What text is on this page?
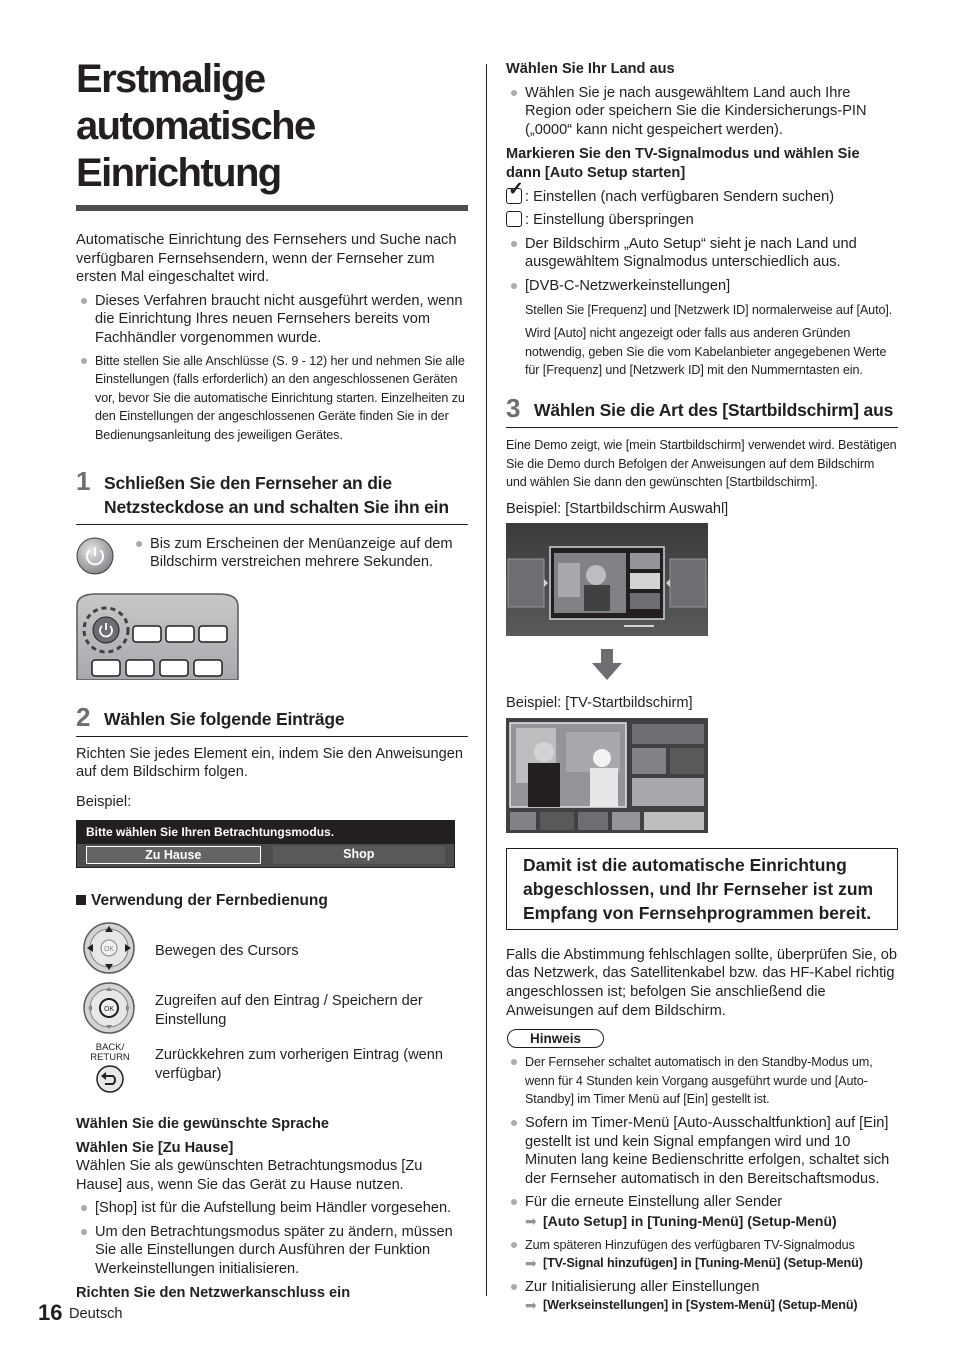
Erstmalige automatische
Einrichtung

Automatische Einrichtung des Fernsehers und Suche nach verfügbaren Fernsehsendern, wenn der Fernseher zum ersten Mal eingeschaltet wird.

Dieses Verfahren braucht nicht ausgeführt werden, wenn die Einrichtung Ihres neuen Fernsehers bereits vom Fachhändler vorgenommen wurde.

Bitte stellen Sie alle Anschlüsse (S. 9 - 12) her und nehmen Sie alle Einstellungen (falls erforderlich) an den angeschlossenen Geräten vor, bevor Sie die automatische Einrichtung starten. Einzelheiten zu den Einstellungen der angeschlossenen Geräte finden Sie in der Bedienungsanleitung des jeweiligen Gerätes.

1 Schließen Sie den Fernseher an die Netzsteckdose an und schalten Sie ihn ein

Bis zum Erscheinen der Menüanzeige auf dem Bildschirm verstreichen mehrere Sekunden.

2 Wählen Sie folgende Einträge

Richten Sie jedes Element ein, indem Sie den Anweisungen auf dem Bildschirm folgen.

Beispiel:

Bitte wählen Sie Ihren Betrachtungsmodus.
Zu Hause	Shop
Verwendung der Fernbedienung
OK	Bewegen des Cursors

OK

Zugreifen auf den Eintrag / Speichern der Einstellung

BACK/
RETURN Zurückkehren zum vorherigen Eintrag (wenn verfügbar)

Wählen Sie die gewünschte Sprache

Wählen Sie [Zu Hause]

Wählen Sie als gewünschten Betrachtungsmodus [Zu Hause] aus, wenn Sie das Gerät zu Hause nutzen.

[Shop] ist für die Aufstellung beim Händler vorgesehen.

Um den Betrachtungsmodus später zu ändern, müssen Sie alle Einstellungen durch Ausführen der Funktion Werkeinstellungen initialisieren.

Richten Sie den Netzwerkanschluss ein

Wählen Sie Ihr Land aus

Wählen Sie je nach ausgewähltem Land auch Ihre Region oder speichern Sie die Kindersicherungs-PIN („0000“ kann nicht gespeichert werden).

Markieren Sie den TV-Signalmodus und wählen Sie dann [Auto Setup starten]

✓ : Einstellen (nach verfügbaren Sendern suchen)

: Einstellung überspringen

Der Bildschirm „Auto Setup“ sieht je nach Land und ausgewähltem Signalmodus unterschiedlich aus.

[DVB-C-Netzwerkeinstellungen]

Stellen Sie [Frequenz] und [Netzwerk ID] normalerweise auf [Auto].

Wird [Auto] nicht angezeigt oder falls aus anderen Gründen notwendig, geben Sie die vom Kabelanbieter angegebenen Werte für [Frequenz] und [Netzwerk ID] mit den Nummerntasten ein.

3 Wählen Sie die Art des [Startbildschirm] aus

Eine Demo zeigt, wie [mein Startbildschirm] verwendet wird. Bestätigen Sie die Demo durch Befolgen der Anweisungen auf dem Bildschirm und wählen Sie dann den gewünschten [Startbildschirm].

Beispiel: [Startbildschirm Auswahl]

Beispiel: [TV-Startbildschirm]

Damit ist die automatische Einrichtung abgeschlossen, und Ihr Fernseher ist zum Empfang von Fernsehprogrammen bereit.

Falls die Abstimmung fehlschlagen sollte, überprüfen Sie, ob das Netzwerk, das Satellitenkabel bzw. das HF-Kabel richtig angeschlossen ist; befolgen Sie anschließend die Anweisungen auf dem Bildschirm.

Hinweis

Der Fernseher schaltet automatisch in den Standby-Modus um, wenn für 4 Stunden kein Vorgang ausgeführt wurde und [Auto-Standby] im Timer Menü auf [Ein] gestellt ist.

Sofern im Timer-Menü [Auto-Ausschaltfunktion] auf [Ein] gestellt ist und kein Signal empfangen wird und 10 Minuten lang keine Bedienschritte erfolgen, schaltet sich der Fernseher automatisch in den Bereitschaftsmodus.

Für die erneute Einstellung aller Sender

➡ [Auto Setup] in [Tuning-Menü] (Setup-Menü)

Zum späteren Hinzufügen des verfügbaren TV-Signalmodus

➡ [TV-Signal hinzufügen] in [Tuning-Menü] (Setup-Menü)

Zur Initialisierung aller Einstellungen

➡ [Werkseinstellungen] in [System-Menü] (Setup-Menü)
16 Deutsch
